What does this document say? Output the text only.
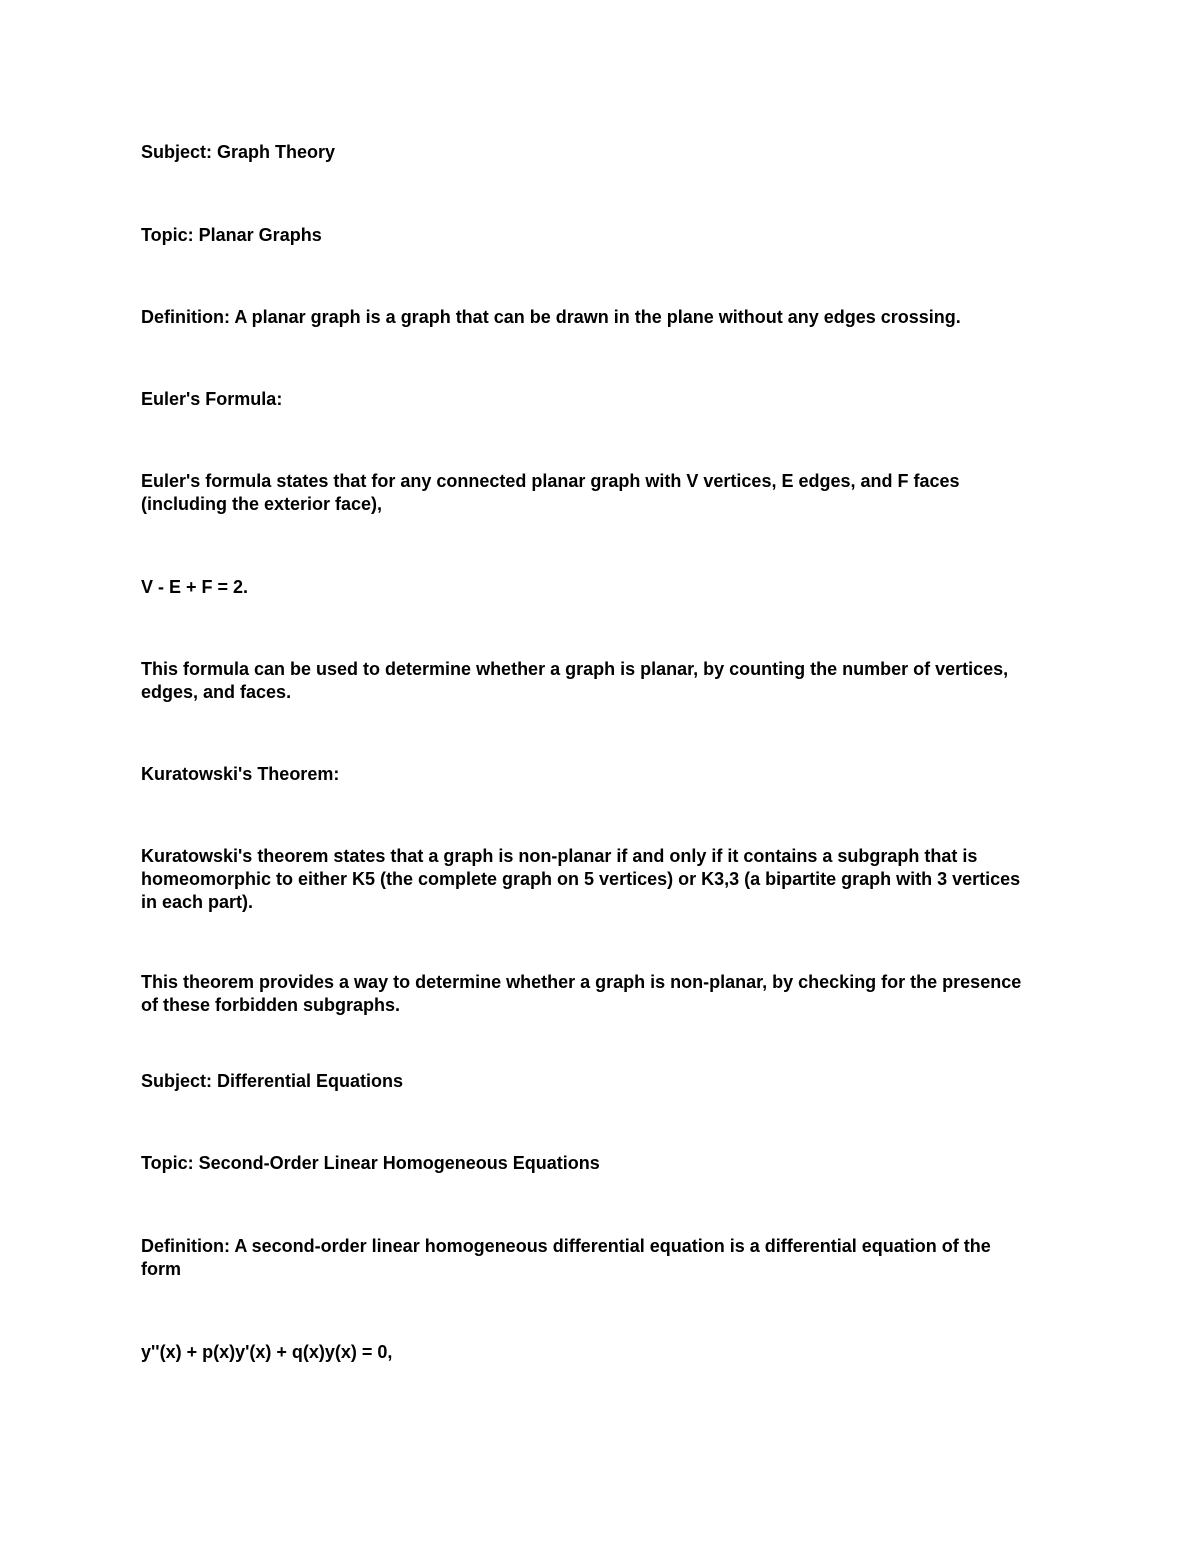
Subject: Graph Theory

Topic: Planar Graphs

Definition: A planar graph is a graph that can be drawn in the plane without any edges crossing.

Euler's Formula:

Euler's formula states that for any connected planar graph with V vertices, E edges, and F faces
(including the exterior face),

V - E + F = 2.

This formula can be used to determine whether a graph is planar, by counting the number of vertices,
edges, and faces.

Kuratowski's Theorem:

Kuratowski's theorem states that a graph is non-planar if and only if it contains a subgraph that is
homeomorphic to either K5 (the complete graph on 5 vertices) or K3,3 (a bipartite graph with 3 vertices
in each part).

This theorem provides a way to determine whether a graph is non-planar, by checking for the presence
of these forbidden subgraphs.

Subject: Differential Equations

Topic: Second-Order Linear Homogeneous Equations

Definition: A second-order linear homogeneous differential equation is a differential equation of the
form

y''(x) + p(x)y'(x) + q(x)y(x) = 0,
